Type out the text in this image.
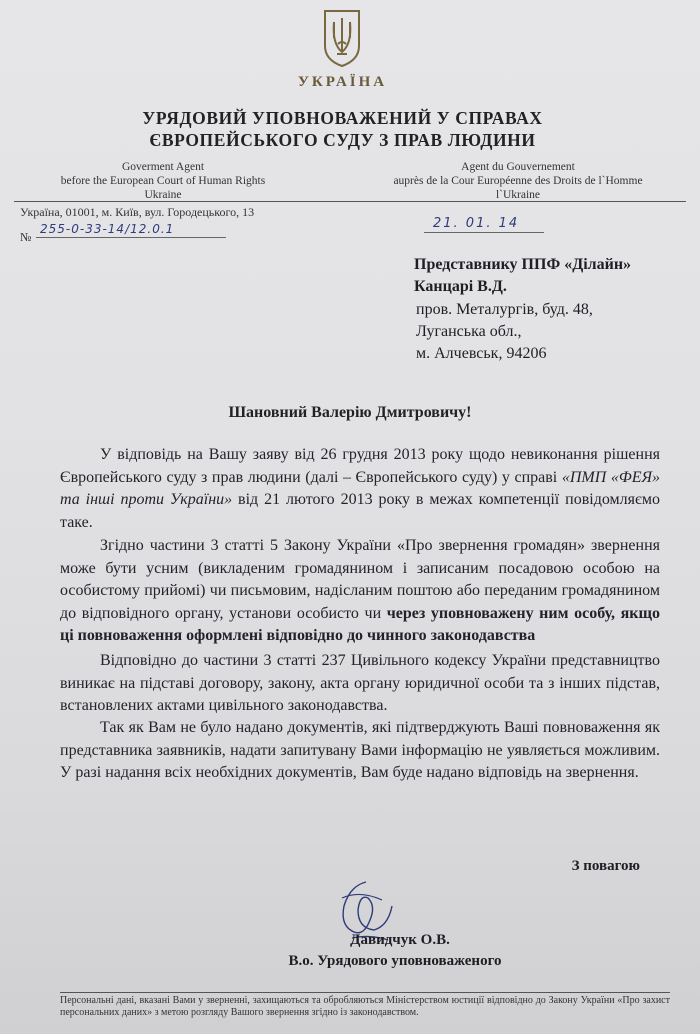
УКРАЇНА
УРЯДОВИЙ УПОВНОВАЖЕНИЙ У СПРАВАХ
ЄВРОПЕЙСЬКОГО СУДУ З ПРАВ ЛЮДИНИ
Goverment Agent
before the European Court of Human Rights
Ukraine
Agent du Gouvernement
auprès de la Cour Européenne des Droits de l`Homme
l`Ukraine
Україна, 01001, м. Київ, вул. Городецького, 13
№
255-0-33-14/12.0.1	21. 01. 14
Представнику ППФ «Ділайн»
Канцарі В.Д.
пров. Металургів, буд. 48,
Луганська обл.,
м. Алчевськ, 94206
Шановний Валерію Дмитровичу!

У відповідь на Вашу заяву від 26 грудня 2013 року щодо невиконання рішення Європейського суду з прав людини (далі – Європейського суду) у справі «ПМП «ФЕЯ» та інші проти України» від 21 лютого 2013 року в межах компетенції повідомляємо таке.

Згідно частини 3 статті 5 Закону України «Про звернення громадян» звернення може бути усним (викладеним громадянином і записаним посадовою особою на особистому прийомі) чи письмовим, надісланим поштою або переданим громадянином до відповідного органу, установи особисто чи через уповноважену ним особу, якщо ці повноваження оформлені відповідно до чинного законодавства

Відповідно до частини 3 статті 237 Цивільного кодексу України представництво виникає на підставі договору, закону, акта органу юридичної особи та з інших підстав, встановлених актами цивільного законодавства.

Так як Вам не було надано документів, які підтверджують Ваші повноваження як представника заявників, надати запитувану Вами інформацію не уявляється можливим. У разі надання всіх необхідних документів, Вам буде надано відповідь на звернення.

З повагою
Давидчук О.В.
В.о. Урядового уповноваженого
Персональні дані, вказані Вами у зверненні, захищаються та обробляються Міністерством юстиції відповідно до Закону України «Про захист персональних даних» з метою розгляду Вашого звернення згідно із законодавством.
